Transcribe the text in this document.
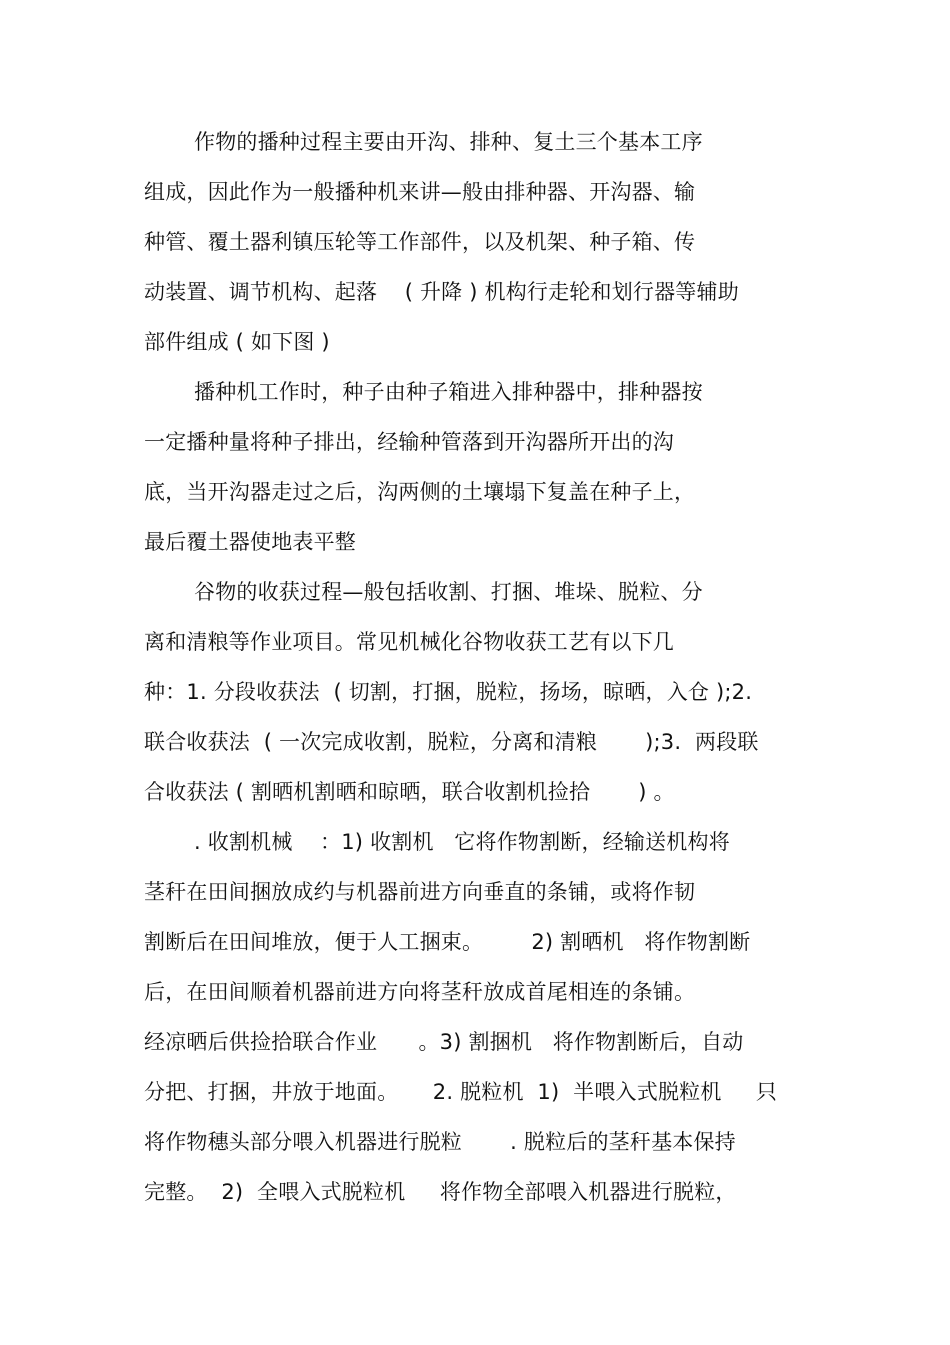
作物的播种过程主要由开沟、排种、复土三个基本工序
组成，因此作为一般播种机来讲—般由排种器、开沟器、输
种管、覆土器利镇压轮等工作部件，以及机架、种子箱、传
动装置、调节机构、起落    ( 升降 ) 机构行走轮和划行器等辅助
部件组成 ( 如下图 )
播种机工作时，种子由种子箱进入排种器中，排种器按
一定播种量将种子排出，经输种管落到开沟器所开出的沟
底，当开沟器走过之后，沟两侧的土壤塌下复盖在种子上，
最后覆土器使地表平整
谷物的收获过程—般包括收割、打捆、堆垛、脱粒、分
离和清粮等作业项目。常见机械化谷物收获工艺有以下几
种：1. 分段收获法  ( 切割，打捆，脱粒，扬场，晾晒，入仓 );2.
联合收获法  ( 一次完成收割，脱粒，分离和清粮       );3.  两段联
合收获法 ( 割晒机割晒和晾晒，联合收割机捡拾       ) 。
. 收割机械    ：1) 收割机   它将作物割断，经输送机构将
茎秆在田间捆放成约与机器前进方向垂直的条铺，或将作韧
割断后在田间堆放，便于人工捆束。       2) 割晒机   将作物割断
后，在田间顺着机器前进方向将茎秆放成首尾相连的条铺。
经凉晒后供捡拾联合作业      。3) 割捆机   将作物割断后，自动
分把、打捆，井放于地面。     2. 脱粒机  1)  半喂入式脱粒机     只
将作物穗头部分喂入机器进行脱粒       . 脱粒后的茎秆基本保持
完整。  2)  全喂入式脱粒机     将作物全部喂入机器进行脱粒，
